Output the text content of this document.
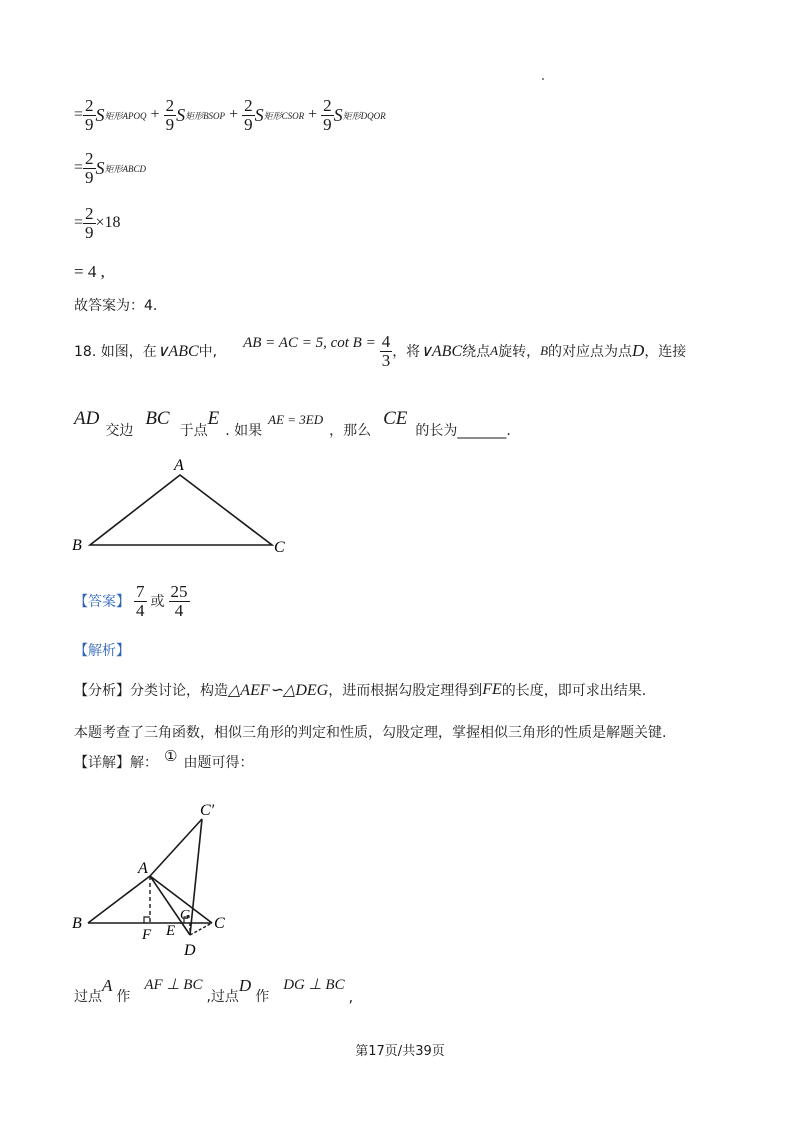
= $\frac{2}{9}$ S 矩形APOQ + $\frac{2}{9}$ S 矩形BSOP + $\frac{2}{9}$ S 矩形CSOR + $\frac{2}{9}$ S 矩形DQOR
= $\frac{2}{9}$ S 矩形ABCD
= $\frac{2}{9} \times 18$
= 4 ,
故答案为：4.
18. 如图，在 ∨ABC 中,
AB = AC = 5, $\cot B = \frac{4}{3}$ ，将 ∨ABC 绕点 A 旋转， B 的对应点为点 D ，连接
AD
交边
BC
于点
E
. 如果
AE = 3ED
，那么
CE
的长为_______.
A
B	C
【答案】 $\frac{7}{4}$ 或 $\frac{25}{4}$
【解析】
【分析】 分类讨论，构造 △AEF∽△DEG ，进而根据勾股定理得到 FE 的长度，即可求出结果.
本题考查了三角函数，相似三角形的判定和性质，勾股定理，掌握相似三角形的性质是解题关键.
【详解】 解： ① 由题可得：
C′
A
B	C
G
F E
D
过点
A
作
AF ⊥ BC
,过点
D
作
DG ⊥ BC
,
第17页/共39页
